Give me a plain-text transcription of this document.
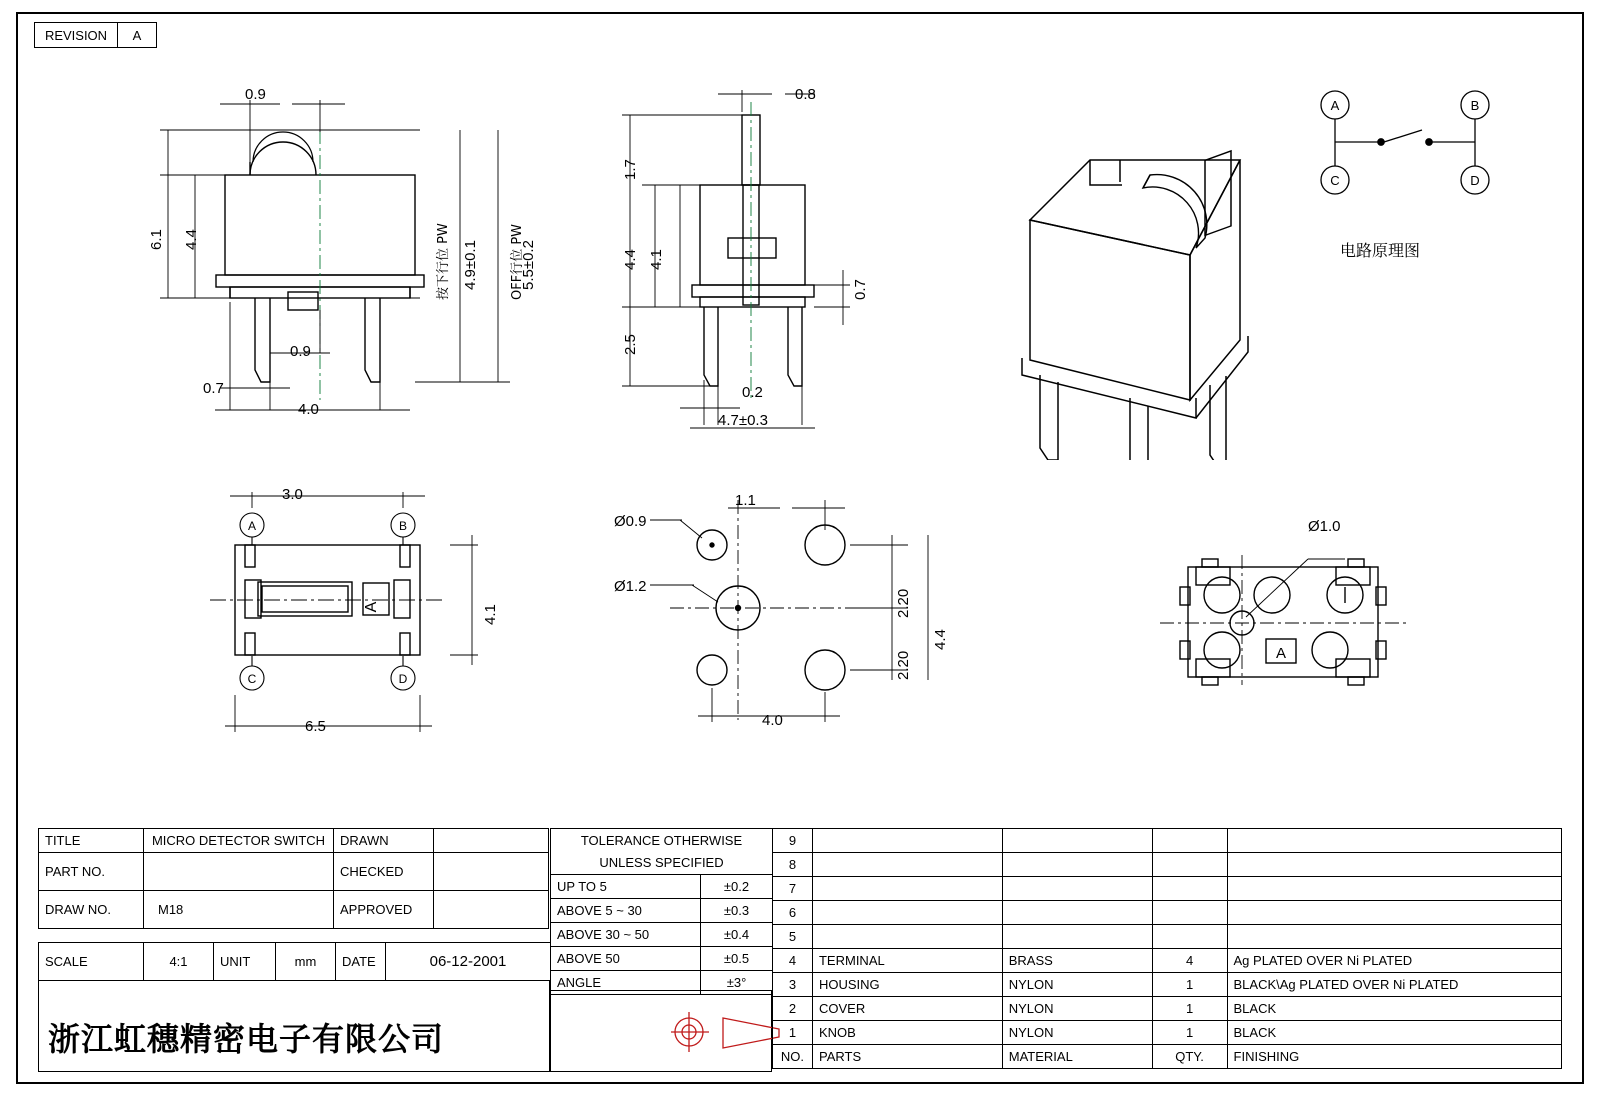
REVISION	A
0.9
6.1 4.4
4.9±0.1	5.5±0.2
0.9
0.7
4.0
按下行位 PW	OFF行位 PW
0.8
1.7
4.4 4.1
2.5
0.7
0.2
4.7±0.3
A	B
C	D
电路原理图
A
A	B
C	D
3.0
4.1
6.5
1.1
Ø0.9
Ø1.2
2.20
2.20
4.4
4.0
A
Ø1.0
TITLE	MICRO DETECTOR SWITCH	DRAWN	
PART NO.		CHECKED	
DRAW NO.	M18	APPROVED	
SCALE	4:1	UNIT	mm	DATE	06-12-2001
TOLERANCE OTHERWISE	
UNLESS SPECIFIED	
UP TO 5	±0.2
ABOVE 5 ~ 30	±0.3
ABOVE 30 ~ 50	±0.4
ABOVE 50	±0.5
ANGLE	±3°
9				
8				
7				
6				
5				
4	TERMINAL	BRASS	4	Ag PLATED OVER Ni PLATED
3	HOUSING	NYLON	1	BLACK\Ag PLATED OVER Ni PLATED
2	COVER	NYLON	1	BLACK
1	KNOB	NYLON	1	BLACK
NO.	PARTS	MATERIAL	QTY.	FINISHING
浙江虹穗精密电子有限公司
